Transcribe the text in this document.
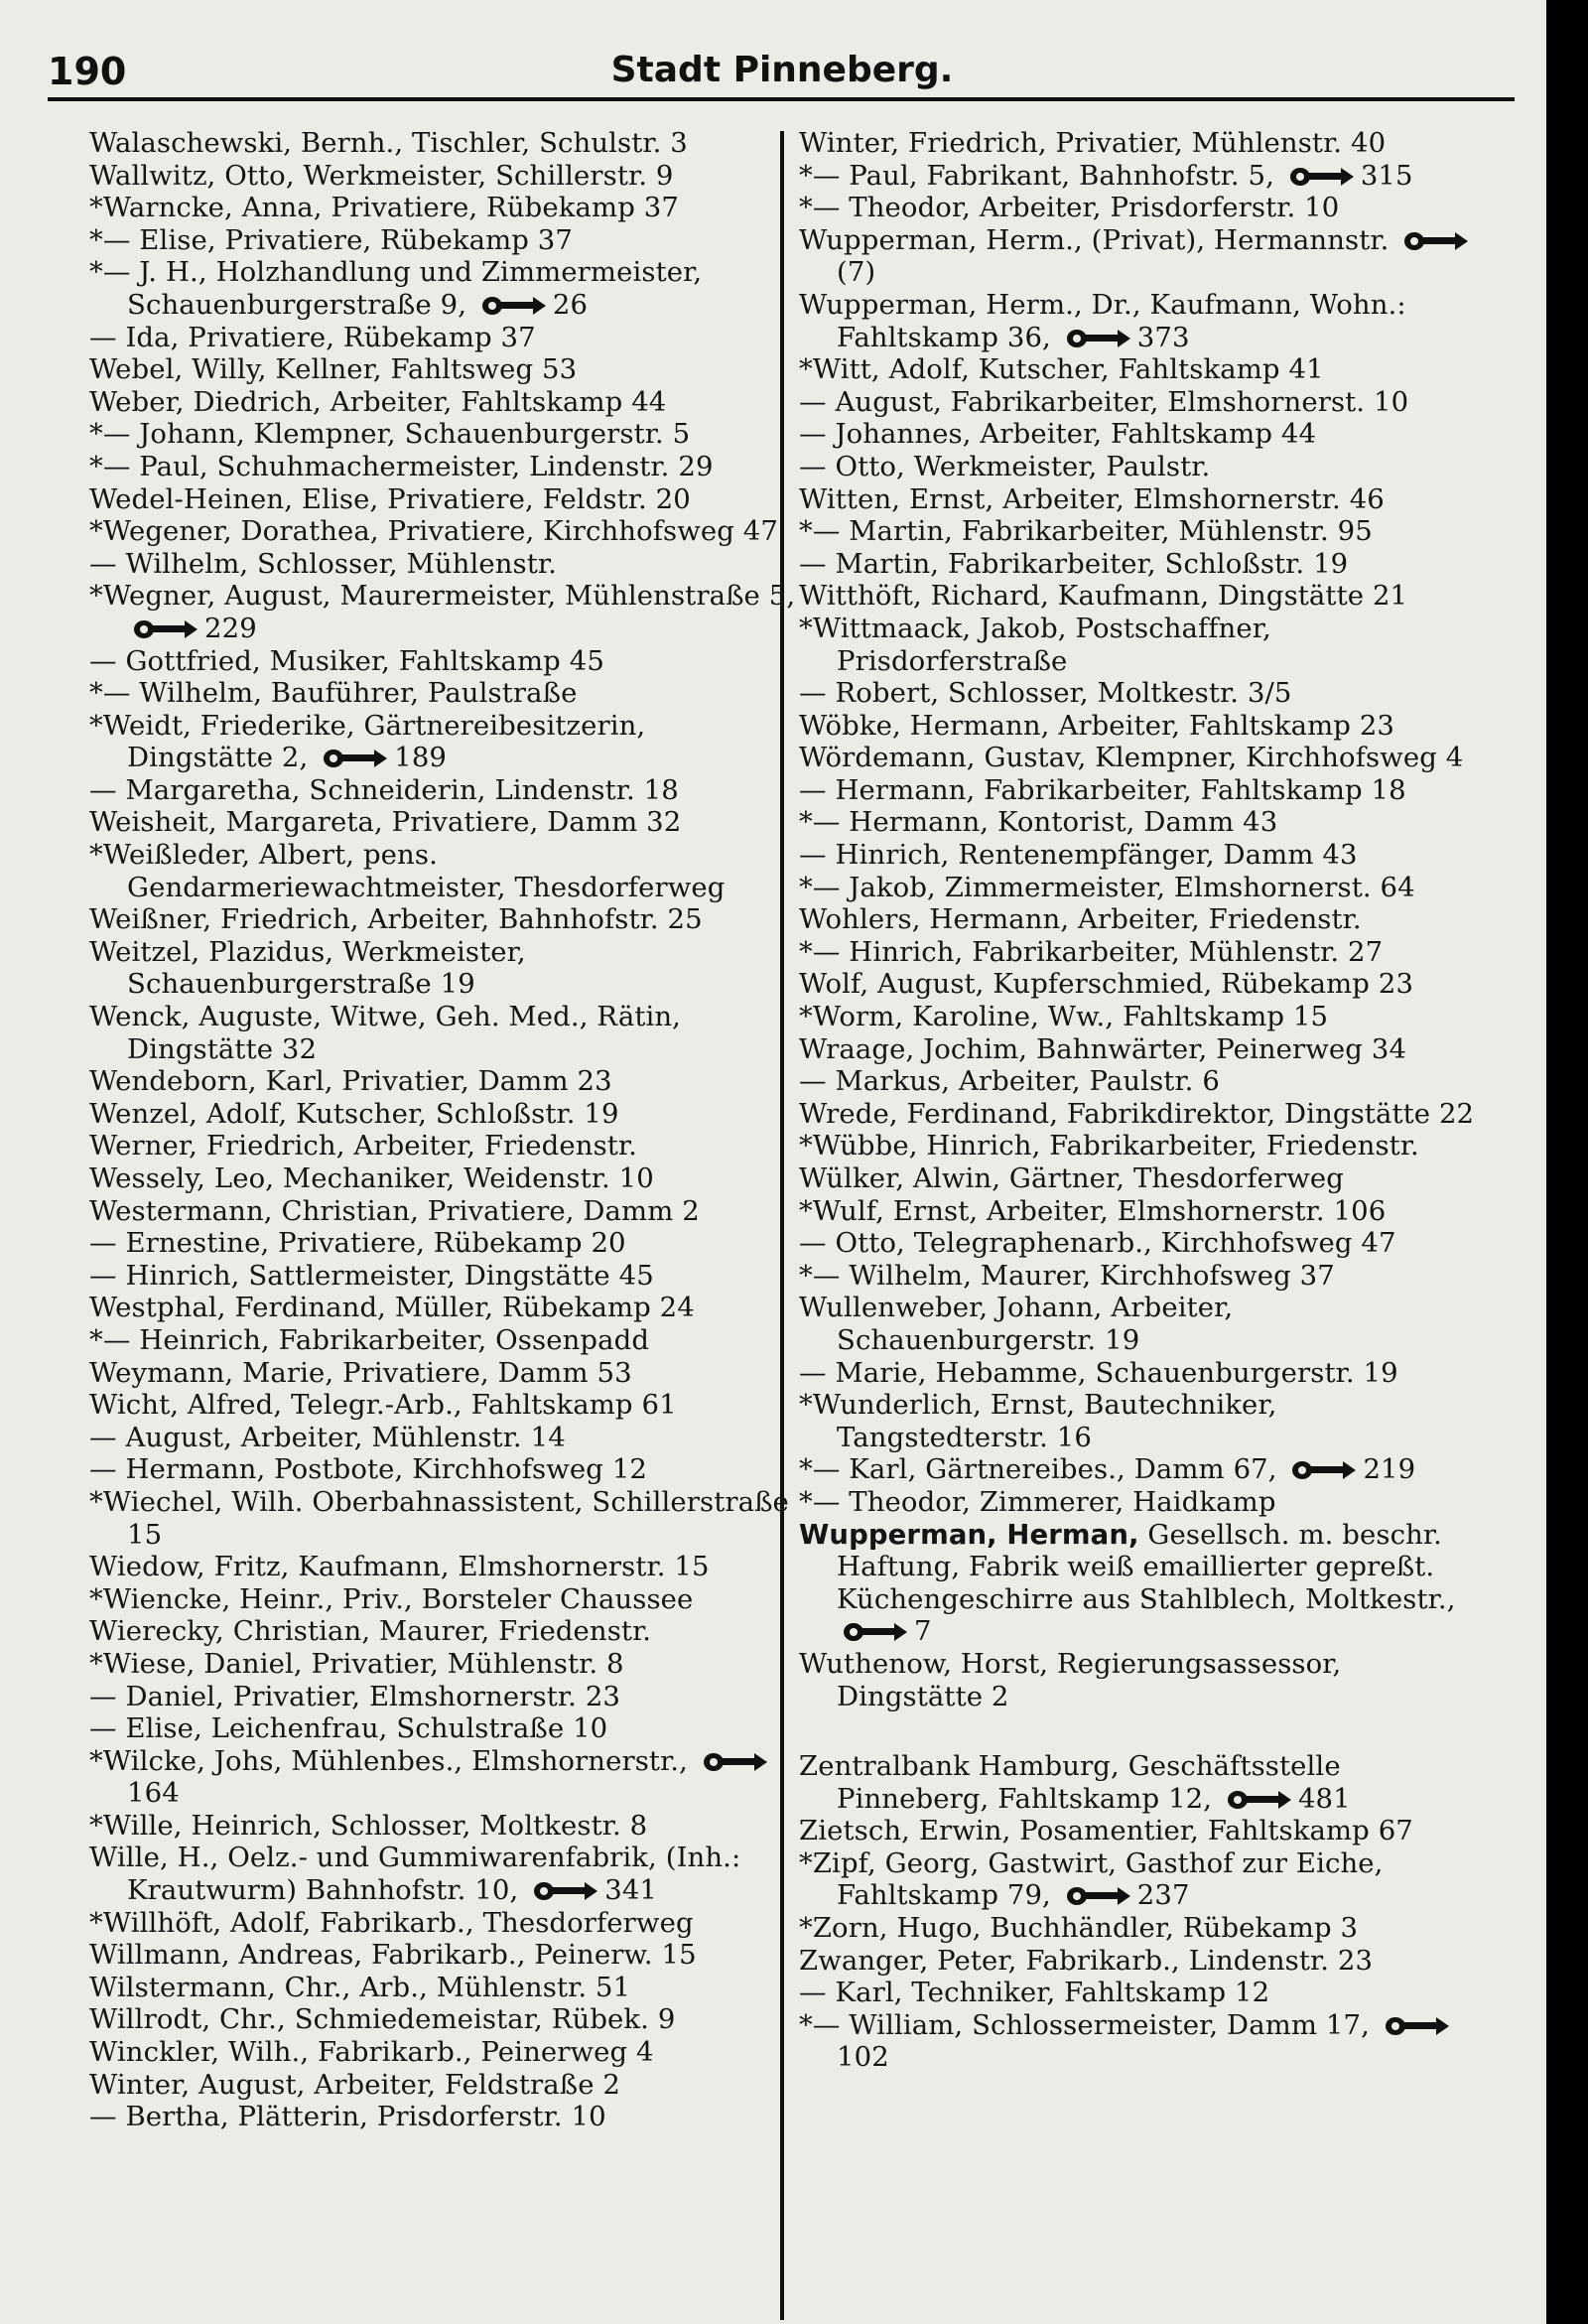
190	Stadt Pinneberg.
Walaschewski, Bernh., Tischler, Schulstr. 3
Wallwitz, Otto, Werkmeister, Schillerstr. 9
*Warncke, Anna, Privatiere, Rübekamp 37
*— Elise, Privatiere, Rübekamp 37
*— J. H., Holzhandlung und Zimmermeister, Schauenburgerstraße 9,	26
— Ida, Privatiere, Rübekamp 37
Webel, Willy, Kellner, Fahltsweg 53
Weber, Diedrich, Arbeiter, Fahltskamp 44
*— Johann, Klempner, Schauenburgerstr. 5
*— Paul, Schuhmachermeister, Lindenstr. 29
Wedel-Heinen, Elise, Privatiere, Feldstr. 20
*Wegener, Dorathea, Privatiere, Kirchhofsweg 47
— Wilhelm, Schlosser, Mühlenstr.
*Wegner, August, Maurermeister, Mühlenstraße 5, 229
— Gottfried, Musiker, Fahltskamp 45
*— Wilhelm, Bauführer, Paulstraße
*Weidt, Friederike, Gärtnereibesitzerin, Dingstätte 2,	189
— Margaretha, Schneiderin, Lindenstr. 18
Weisheit, Margareta, Privatiere, Damm 32
*Weißleder, Albert, pens. Gendarmeriewachtmeister, Thesdorferweg
Weißner, Friedrich, Arbeiter, Bahnhofstr. 25
Weitzel, Plazidus, Werkmeister, Schauenburgerstraße 19
Wenck, Auguste, Witwe, Geh. Med., Rätin, Dingstätte 32
Wendeborn, Karl, Privatier, Damm 23
Wenzel, Adolf, Kutscher, Schloßstr. 19
Werner, Friedrich, Arbeiter, Friedenstr.
Wessely, Leo, Mechaniker, Weidenstr. 10
Westermann, Christian, Privatiere, Damm 2
— Ernestine, Privatiere, Rübekamp 20
— Hinrich, Sattlermeister, Dingstätte 45
Westphal, Ferdinand, Müller, Rübekamp 24
*— Heinrich, Fabrikarbeiter, Ossenpadd
Weymann, Marie, Privatiere, Damm 53
Wicht, Alfred, Telegr.-Arb., Fahltskamp 61
— August, Arbeiter, Mühlenstr. 14
— Hermann, Postbote, Kirchhofsweg 12
*Wiechel, Wilh. Oberbahnassistent, Schillerstraße 15
Wiedow, Fritz, Kaufmann, Elmshornerstr. 15
*Wiencke, Heinr., Priv., Borsteler Chaussee
Wierecky, Christian, Maurer, Friedenstr.
*Wiese, Daniel, Privatier, Mühlenstr. 8
— Daniel, Privatier, Elmshornerstr. 23
— Elise, Leichenfrau, Schulstraße 10
*Wilcke, Johs, Mühlenbes., Elmshornerstr., 164
*Wille, Heinrich, Schlosser, Moltkestr. 8
Wille, H., Oelz.- und Gummiwarenfabrik, (Inh.: Krautwurm) Bahnhofstr. 10,	341
*Willhöft, Adolf, Fabrikarb., Thesdorferweg
Willmann, Andreas, Fabrikarb., Peinerw. 15
Wilstermann, Chr., Arb., Mühlenstr. 51
Willrodt, Chr., Schmiedemeistar, Rübek. 9
Winckler, Wilh., Fabrikarb., Peinerweg 4
Winter, August, Arbeiter, Feldstraße 2
— Bertha, Plätterin, Prisdorferstr. 10
Winter, Friedrich, Privatier, Mühlenstr. 40
*— Paul, Fabrikant, Bahnhofstr. 5,	315
*— Theodor, Arbeiter, Prisdorferstr. 10
Wupperman, Herm., (Privat), Hermannstr. (7)
Wupperman, Herm., Dr., Kaufmann, Wohn.: Fahltskamp 36,	373
*Witt, Adolf, Kutscher, Fahltskamp 41
— August, Fabrikarbeiter, Elmshornerst. 10
— Johannes, Arbeiter, Fahltskamp 44
— Otto, Werkmeister, Paulstr.
Witten, Ernst, Arbeiter, Elmshornerstr. 46
*— Martin, Fabrikarbeiter, Mühlenstr. 95
— Martin, Fabrikarbeiter, Schloßstr. 19
Witthöft, Richard, Kaufmann, Dingstätte 21
*Wittmaack, Jakob, Postschaffner, Prisdorferstraße
— Robert, Schlosser, Moltkestr. 3/5
Wöbke, Hermann, Arbeiter, Fahltskamp 23
Wördemann, Gustav, Klempner, Kirchhofsweg 4
— Hermann, Fabrikarbeiter, Fahltskamp 18
*— Hermann, Kontorist, Damm 43
— Hinrich, Rentenempfänger, Damm 43
*— Jakob, Zimmermeister, Elmshornerst. 64
Wohlers, Hermann, Arbeiter, Friedenstr.
*— Hinrich, Fabrikarbeiter, Mühlenstr. 27
Wolf, August, Kupferschmied, Rübekamp 23
*Worm, Karoline, Ww., Fahltskamp 15
Wraage, Jochim, Bahnwärter, Peinerweg 34
— Markus, Arbeiter, Paulstr. 6
Wrede, Ferdinand, Fabrikdirektor, Dingstätte 22
*Wübbe, Hinrich, Fabrikarbeiter, Friedenstr.
Wülker, Alwin, Gärtner, Thesdorferweg
*Wulf, Ernst, Arbeiter, Elmshornerstr. 106
— Otto, Telegraphenarb., Kirchhofsweg 47
*— Wilhelm, Maurer, Kirchhofsweg 37
Wullenweber, Johann, Arbeiter, Schauenburgerstr. 19
— Marie, Hebamme, Schauenburgerstr. 19
*Wunderlich, Ernst, Bautechniker, Tangstedterstr. 16
*— Karl, Gärtnereibes., Damm 67,	219
*— Theodor, Zimmerer, Haidkamp
Wupperman, Herman, Gesellsch. m. beschr. Haftung, Fabrik weiß emaillierter gepreßt. Küchengeschirre aus Stahlblech, Moltkestr., 7
Wuthenow, Horst, Regierungsassessor, Dingstätte 2
Zentralbank Hamburg, Geschäftsstelle Pinneberg, Fahltskamp 12,	481
Zietsch, Erwin, Posamentier, Fahltskamp 67
*Zipf, Georg, Gastwirt, Gasthof zur Eiche, Fahltskamp 79,	237
*Zorn, Hugo, Buchhändler, Rübekamp 3
Zwanger, Peter, Fabrikarb., Lindenstr. 23
— Karl, Techniker, Fahltskamp 12
*— William, Schlossermeister, Damm 17, 102
